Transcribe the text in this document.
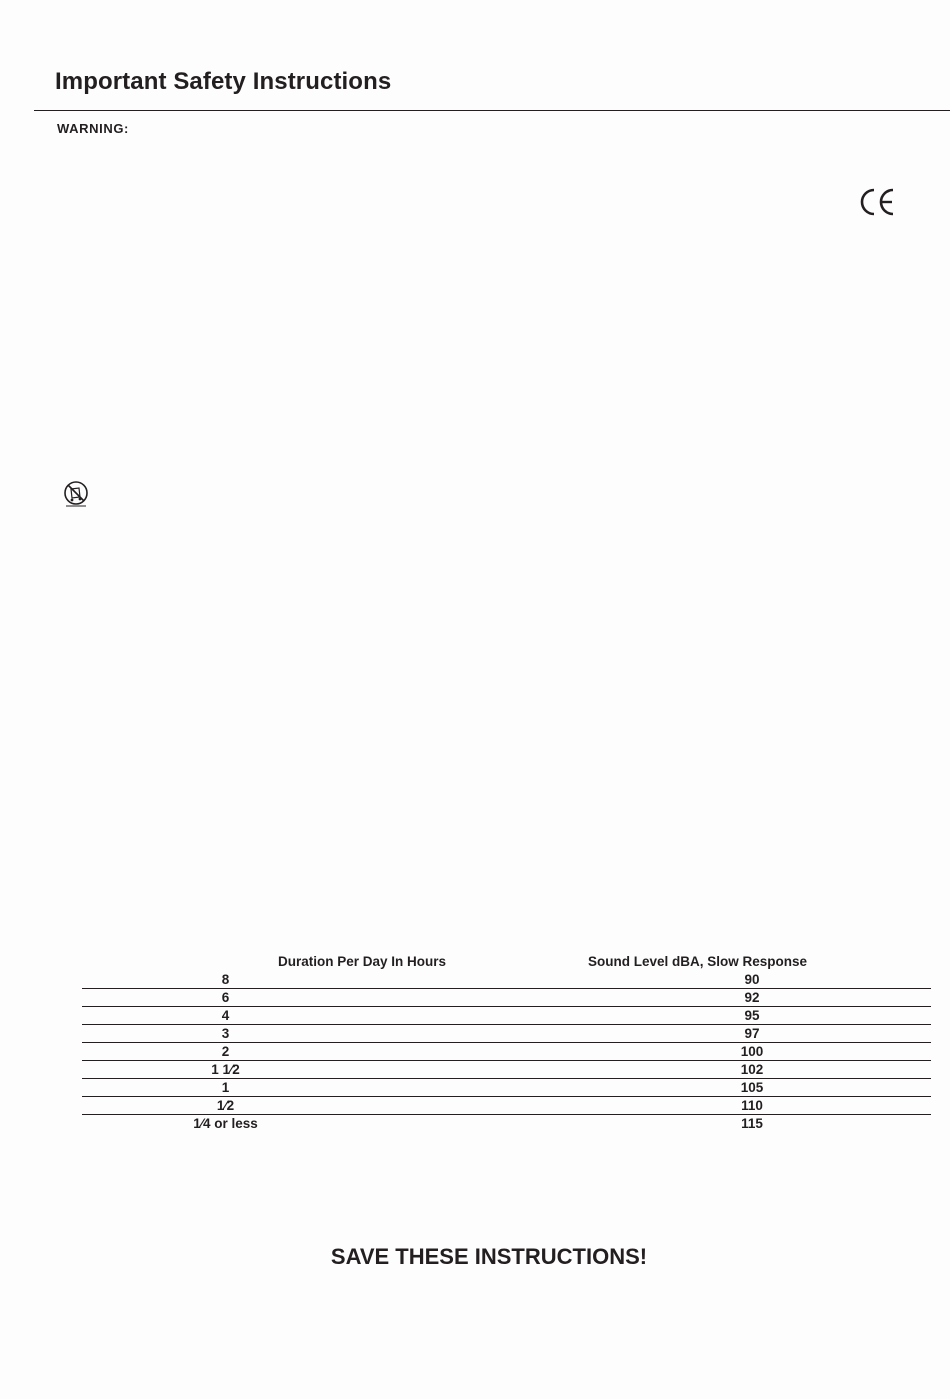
Important Safety Instructions
WARNING:
Duration Per Day In Hours	Sound Level dBA, Slow Response
8	90
6	92
4	95
3	97
2	100
1 1⁄2	102
1	105
1⁄2	110
1⁄4 or less	115
SAVE THESE INSTRUCTIONS!
